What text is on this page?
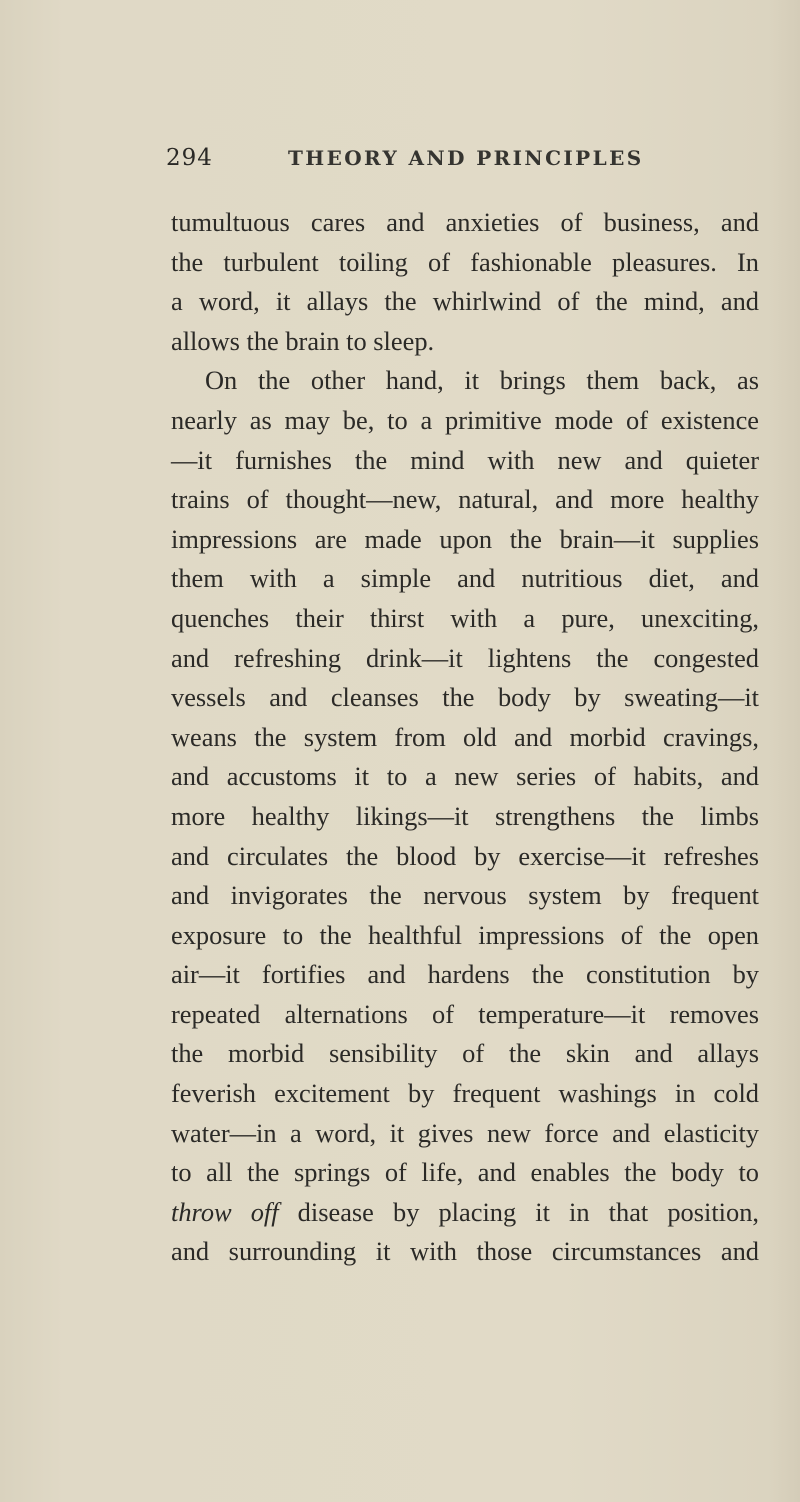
294	THEORY AND PRINCIPLES
tumultuous cares and anxieties of business, and
the turbulent toiling of fashionable pleasures. In
a word, it allays the whirlwind of the mind, and
allows the brain to sleep.
On the other hand, it brings them back, as
nearly as may be, to a primitive mode of existence
—it furnishes the mind with new and quieter
trains of thought—new, natural, and more healthy
impressions are made upon the brain—it supplies
them with a simple and nutritious diet, and
quenches their thirst with a pure, unexciting,
and refreshing drink—it lightens the congested
vessels and cleanses the body by sweating—it
weans the system from old and morbid cravings,
and accustoms it to a new series of habits, and
more healthy likings—it strengthens the limbs
and circulates the blood by exercise—it refreshes
and invigorates the nervous system by frequent
exposure to the healthful impressions of the open
air—it fortifies and hardens the constitution by
repeated alternations of temperature—it removes
the morbid sensibility of the skin and allays
feverish excitement by frequent washings in cold
water—in a word, it gives new force and elasticity
to all the springs of life, and enables the body to
throw off disease by placing it in that position,
and surrounding it with those circumstances and
